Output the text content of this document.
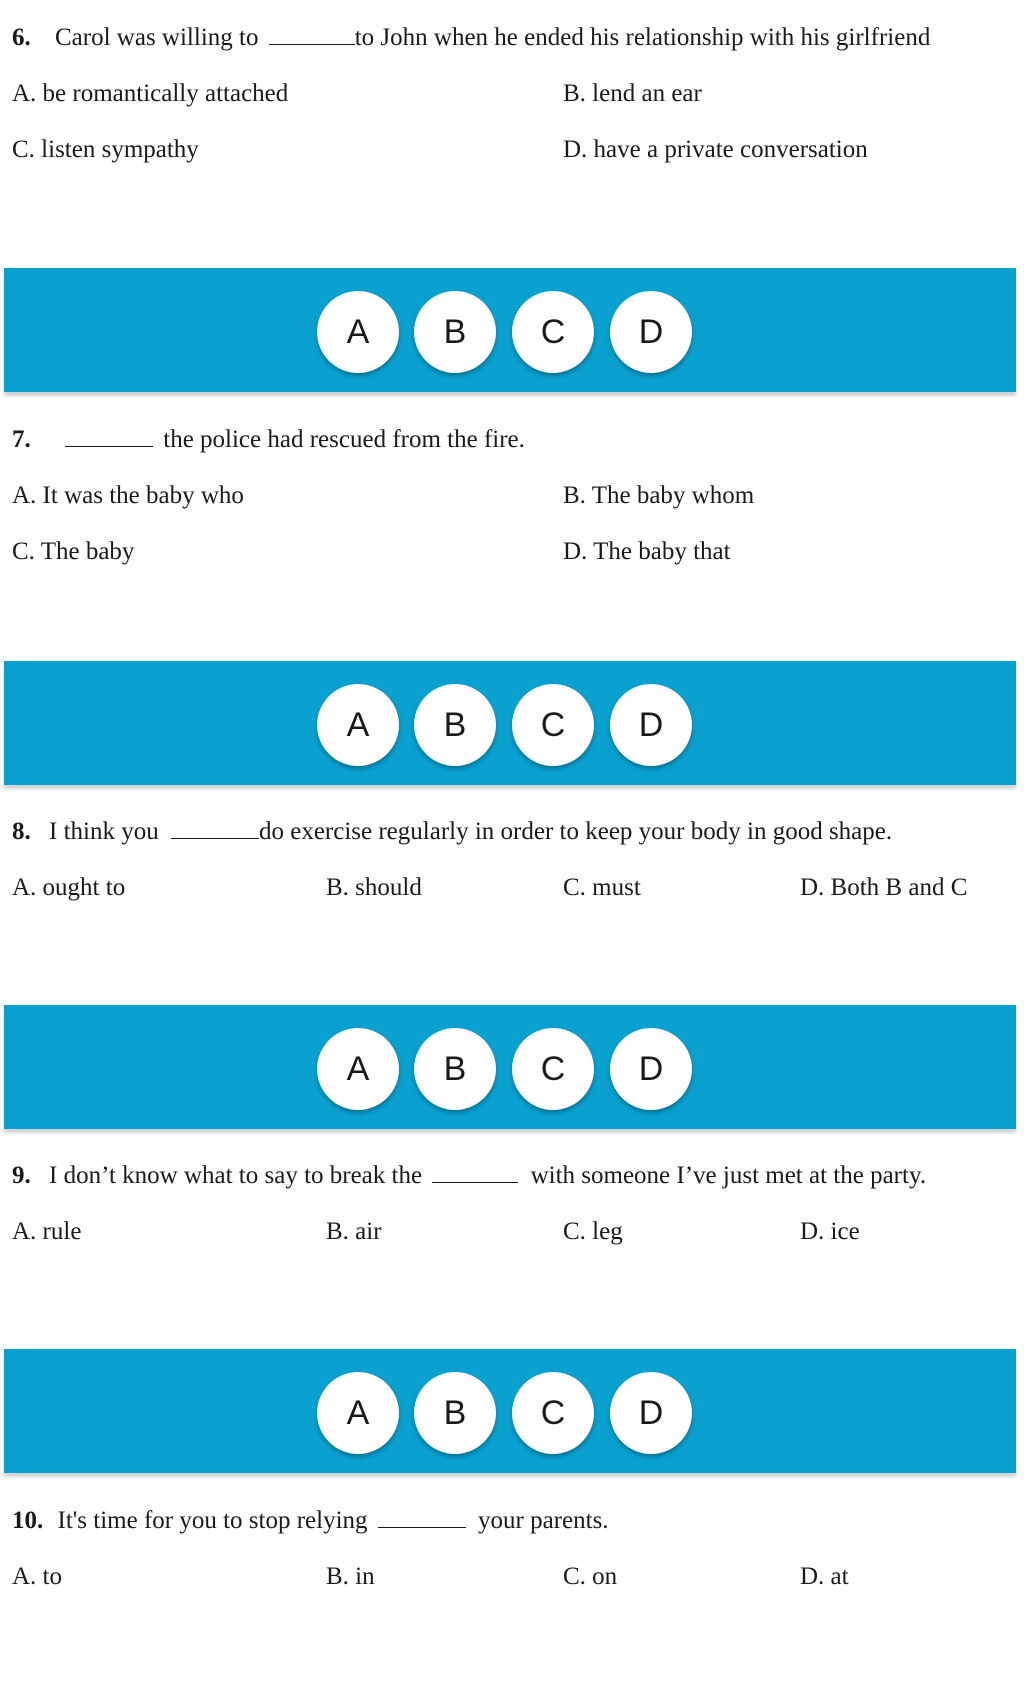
6. Carol was willing to	to John when he ended his relationship with his girlfriend
A. be romantically attached	B. lend an ear
C. listen sympathy	D. have a private conversation
A	B	C	D
7.	the police had rescued from the fire.
A. It was the baby who	B. The baby whom
C. The baby	D. The baby that
A	B	C	D
8. I think you	do exercise regularly in order to keep your body in good shape.
A. ought to	B. should	C. must	D. Both B and C
A	B	C	D
9. I don’t know what to say to break the	with someone I’ve just met at the party.
A. rule	B. air	C. leg	D. ice
A	B	C	D
10. It's time for you to stop relying	your parents.
A. to	B. in	C. on	D. at
